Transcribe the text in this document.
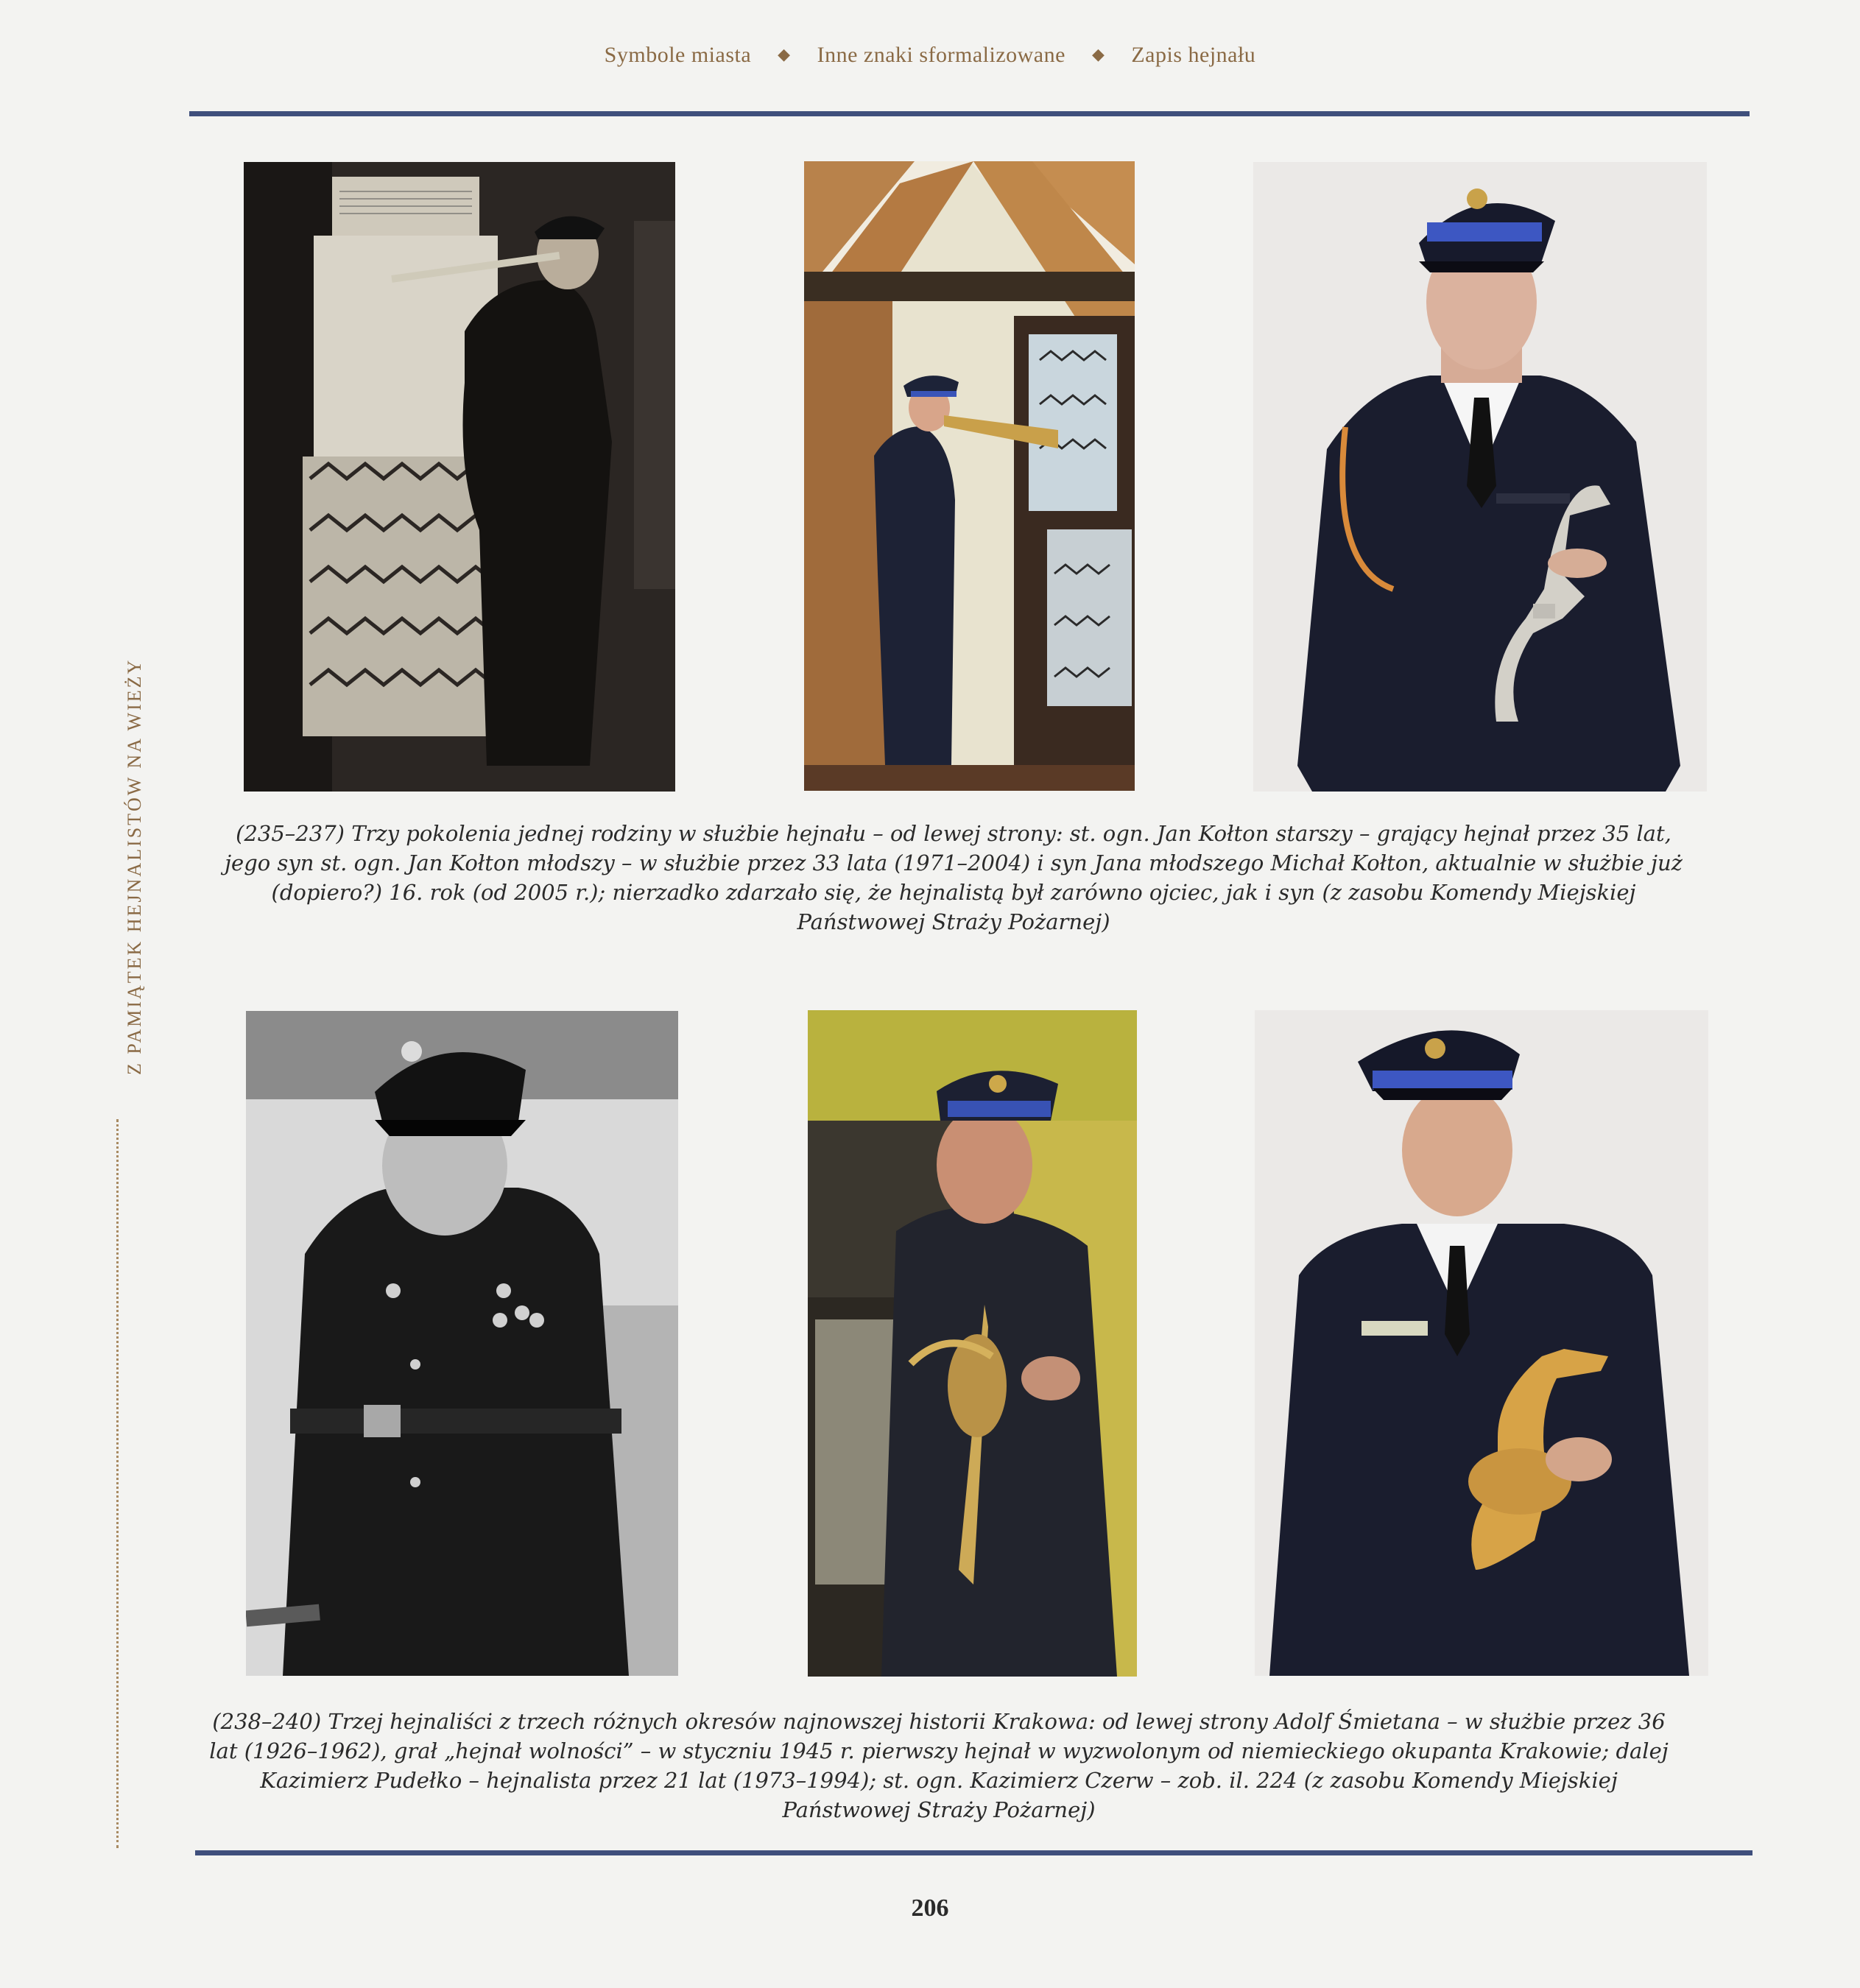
Symbole miasta ◆ Inne znaki sformalizowane ◆ Zapis hejnału
Z PAMIĄTEK HEJNALISTÓW NA WIEŻY	(235–237) Trzy pokolenia jednej rodziny w służbie hejnału – od lewej strony: st. ogn. Jan Kołton starszy – grający hejnał przez 35 lat, jego syn st. ogn. Jan Kołton młodszy – w służbie przez 33 lata (1971–2004) i syn Jana młodszego Michał Kołton, aktualnie w służbie już (dopiero?) 16. rok (od 2005 r.); nierzadko zdarzało się, że hejnalistą był zarówno ojciec, jak i syn (z zasobu Komendy Miejskiej Państwowej Straży Pożarnej)
(238–240) Trzej hejnaliści z trzech różnych okresów najnowszej historii Krakowa: od lewej strony Adolf Śmietana – w służbie przez 36 lat (1926–1962), grał „hejnał wolności” – w styczniu 1945 r. pierwszy hejnał w wyzwolonym od niemieckiego okupanta Krakowie; dalej Kazimierz Pudełko – hejnalista przez 21 lat (1973–1994); st. ogn. Kazimierz Czerw – zob. il. 224 (z zasobu Komendy Miejskiej Państwowej Straży Pożarnej)
206
